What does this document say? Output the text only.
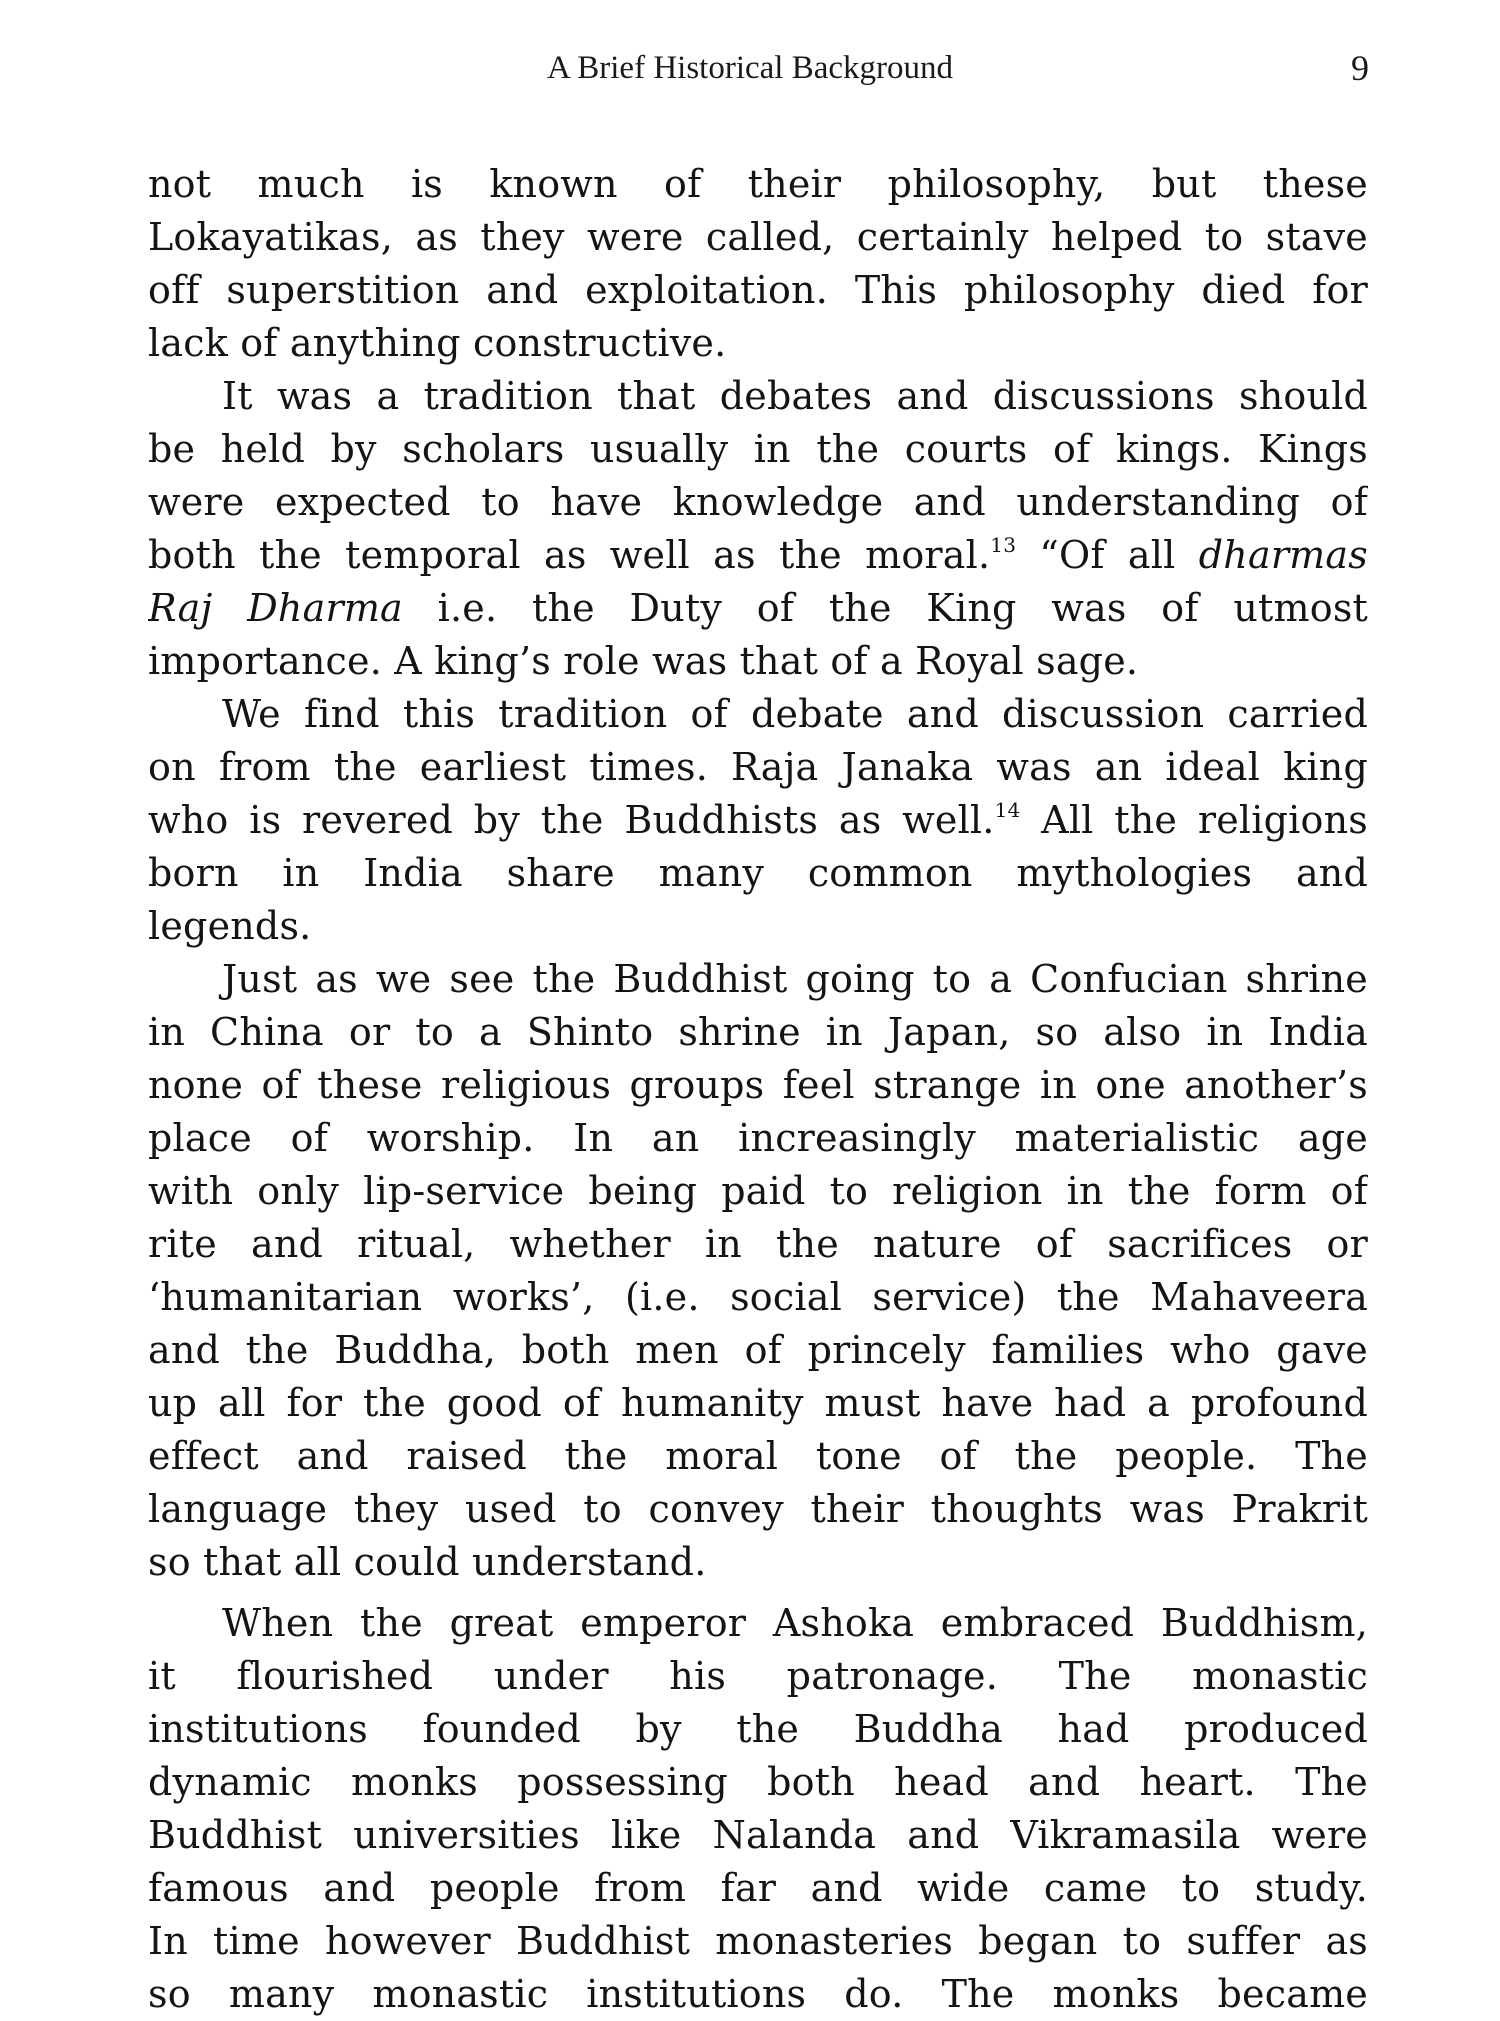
A Brief Historical Background	9
not much is known of their philosophy, but these
Lokayatikas, as they were called, certainly helped to stave
off superstition and exploitation. This philosophy died for
lack of anything constructive.
It was a tradition that debates and discussions should
be held by scholars usually in the courts of kings. Kings
were expected to have knowledge and understanding of
both the temporal as well as the moral.$^{13}$ “Of all dharmas
Raj Dharma i.e. the Duty of the King was of utmost
importance. A king’s role was that of a Royal sage.
We find this tradition of debate and discussion carried
on from the earliest times. Raja Janaka was an ideal king
who is revered by the Buddhists as well.$^{14}$ All the religions
born in India share many common mythologies and
legends.
Just as we see the Buddhist going to a Confucian shrine
in China or to a Shinto shrine in Japan, so also in India
none of these religious groups feel strange in one another’s
place of worship. In an increasingly materialistic age
with only lip-service being paid to religion in the form of
rite and ritual, whether in the nature of sacrifices or
‘humanitarian works’, (i.e. social service) the Mahaveera
and the Buddha, both men of princely families who gave
up all for the good of humanity must have had a profound
effect and raised the moral tone of the people. The
language they used to convey their thoughts was Prakrit
so that all could understand.
When the great emperor Ashoka embraced Buddhism,
it flourished under his patronage. The monastic
institutions founded by the Buddha had produced
dynamic monks possessing both head and heart. The
Buddhist universities like Nalanda and Vikramasila were
famous and people from far and wide came to study.
In time however Buddhist monasteries began to suffer as
so many monastic institutions do. The monks became
